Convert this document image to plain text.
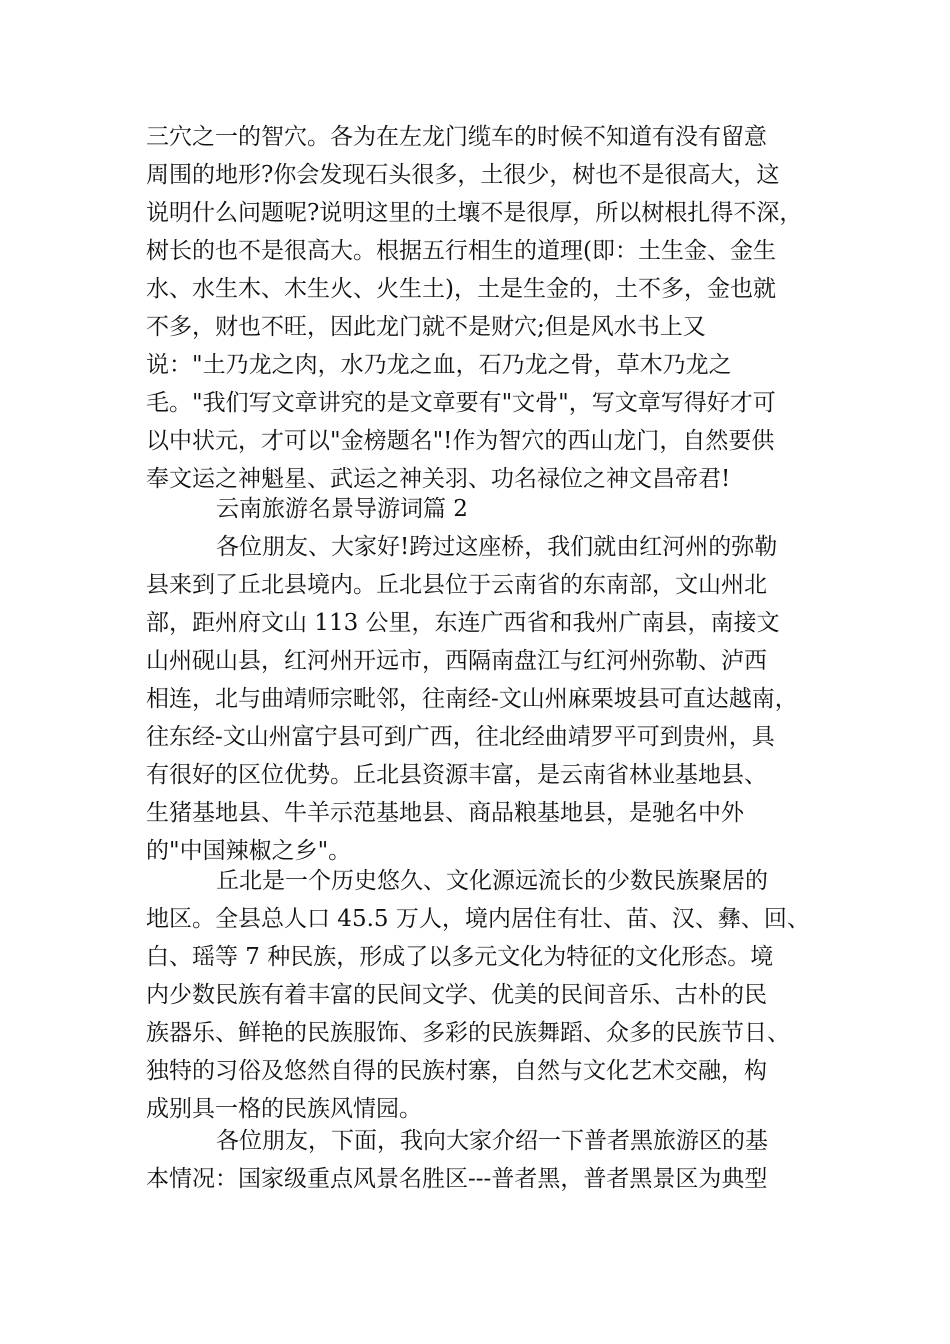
三穴之一的智穴。各为在左龙门缆车的时候不知道有没有留意
周围的地形?你会发现石头很多，土很少，树也不是很高大，这
说明什么问题呢?说明这里的土壤不是很厚，所以树根扎得不深，
树长的也不是很高大。根据五行相生的道理(即：土生金、金生
水、水生木、木生火、火生土)，土是生金的，土不多，金也就
不多，财也不旺，因此龙门就不是财穴;但是风水书上又
说："土乃龙之肉，水乃龙之血，石乃龙之骨，草木乃龙之
毛。"我们写文章讲究的是文章要有"文骨"，写文章写得好才可
以中状元，才可以"金榜题名"!作为智穴的西山龙门，自然要供
奉文运之神魁星、武运之神关羽、功名禄位之神文昌帝君!
云南旅游名景导游词篇 2
各位朋友、大家好!跨过这座桥，我们就由红河州的弥勒
县来到了丘北县境内。丘北县位于云南省的东南部，文山州北
部，距州府文山 113 公里，东连广西省和我州广南县，南接文
山州砚山县，红河州开远市，西隔南盘江与红河州弥勒、泸西
相连，北与曲靖师宗毗邻，往南经-文山州麻栗坡县可直达越南，
往东经-文山州富宁县可到广西，往北经曲靖罗平可到贵州，具
有很好的区位优势。丘北县资源丰富，是云南省林业基地县、
生猪基地县、牛羊示范基地县、商品粮基地县，是驰名中外
的"中国辣椒之乡"。
丘北是一个历史悠久、文化源远流长的少数民族聚居的
地区。全县总人口 45.5 万人，境内居住有壮、苗、汉、彝、回、
白、瑶等 7 种民族，形成了以多元文化为特征的文化形态。境
内少数民族有着丰富的民间文学、优美的民间音乐、古朴的民
族器乐、鲜艳的民族服饰、多彩的民族舞蹈、众多的民族节日、
独特的习俗及悠然自得的民族村寨，自然与文化艺术交融，构
成别具一格的民族风情园。
各位朋友，下面，我向大家介绍一下普者黑旅游区的基
本情况：国家级重点风景名胜区---普者黑，普者黑景区为典型
